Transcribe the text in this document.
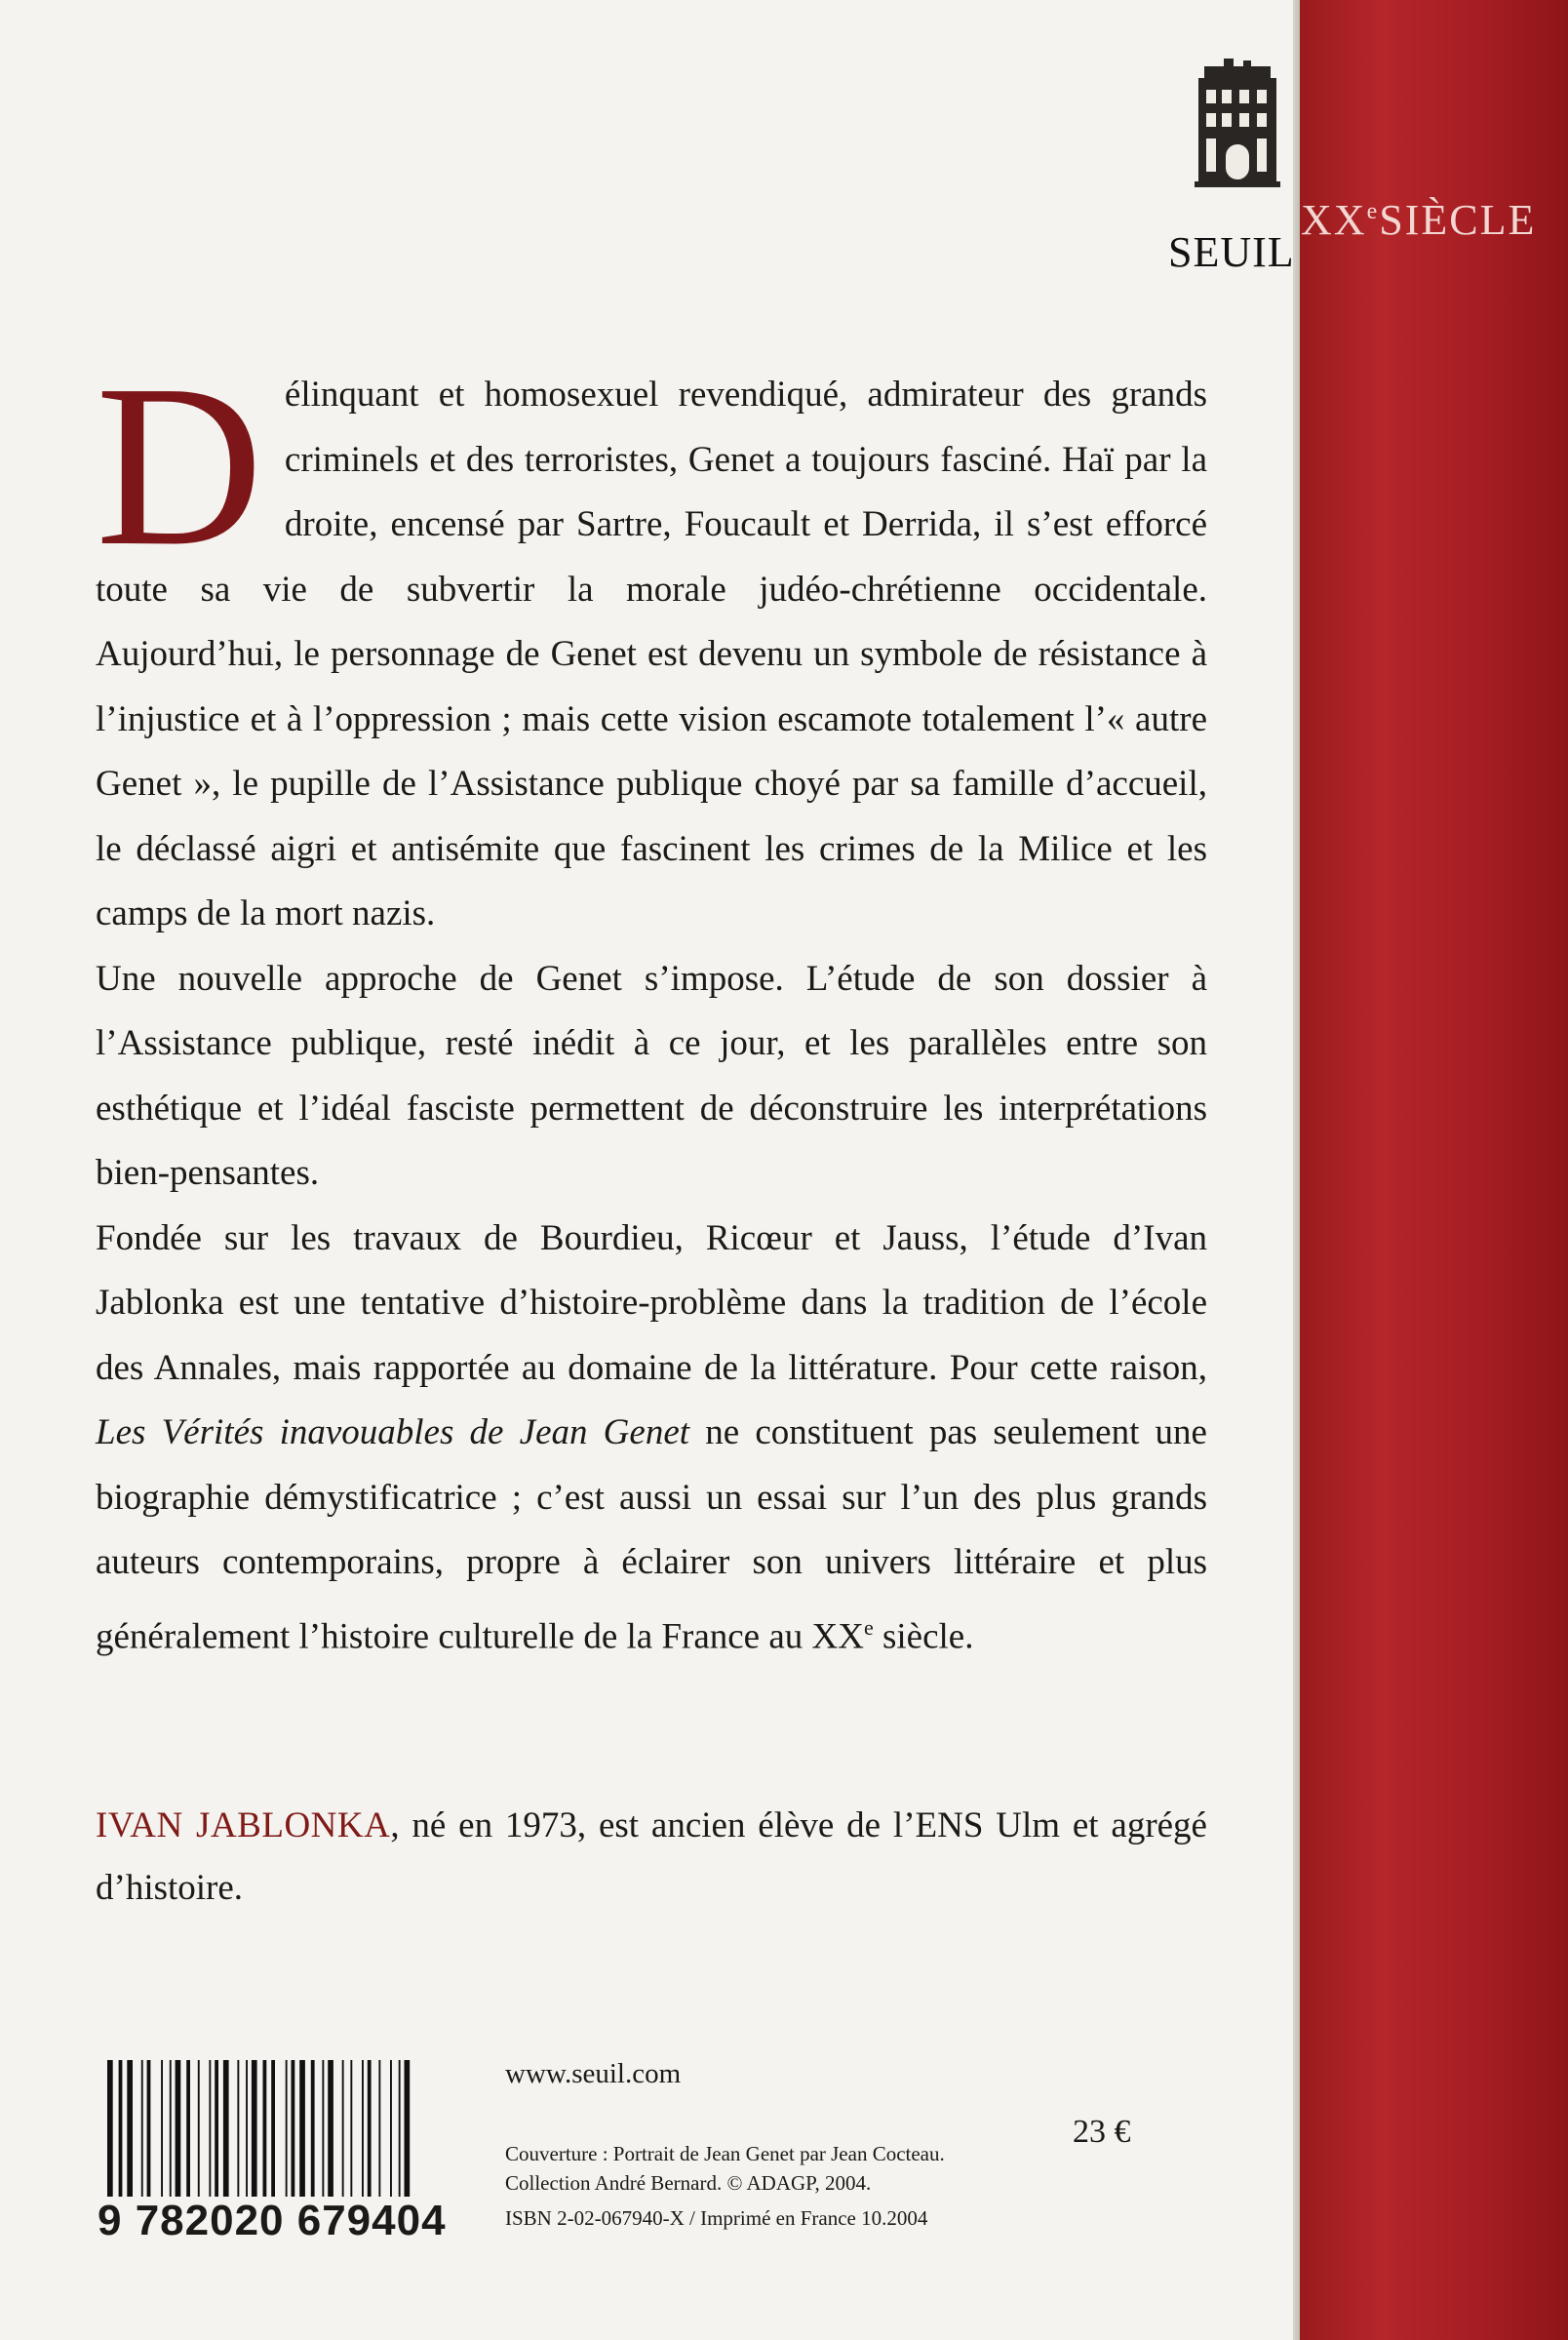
SEUIL
XXeSIÈCLE

Délinquant et homosexuel revendiqué, admirateur des grands criminels et des terroristes, Genet a toujours fasciné. Haï par la droite, encensé par Sartre, Foucault et Derrida, il s’est efforcé toute sa vie de subvertir la morale judéo-chrétienne occidentale. Aujourd’hui, le personnage de Genet est devenu un symbole de résistance à l’injustice et à l’oppression ; mais cette vision escamote totalement l’« autre Genet », le pupille de l’Assistance publique choyé par sa famille d’accueil, le déclassé aigri et antisémite que fascinent les crimes de la Milice et les camps de la mort nazis.

Une nouvelle approche de Genet s’impose. L’étude de son dossier à l’Assistance publique, resté inédit à ce jour, et les parallèles entre son esthétique et l’idéal fasciste permettent de déconstruire les interprétations bien-pensantes.

Fondée sur les travaux de Bourdieu, Ricœur et Jauss, l’étude d’Ivan Jablonka est une tentative d’histoire-problème dans la tradition de l’école des Annales, mais rapportée au domaine de la littérature. Pour cette raison, Les Vérités inavouables de Jean Genet ne constituent pas seulement une biographie démystificatrice ; c’est aussi un essai sur l’un des plus grands auteurs contemporains, propre à éclairer son univers littéraire et plus généralement l’histoire culturelle de la France au XXe siècle.

IVAN JABLONKA, né en 1973, est ancien élève de l’ENS Ulm et agrégé d’histoire.

9 782020 679404
www.seuil.com

Couverture : Portrait de Jean Genet par Jean Cocteau.

Collection André Bernard. © ADAGP, 2004.

ISBN 2-02-067940-X / Imprimé en France 10.2004
23 €
